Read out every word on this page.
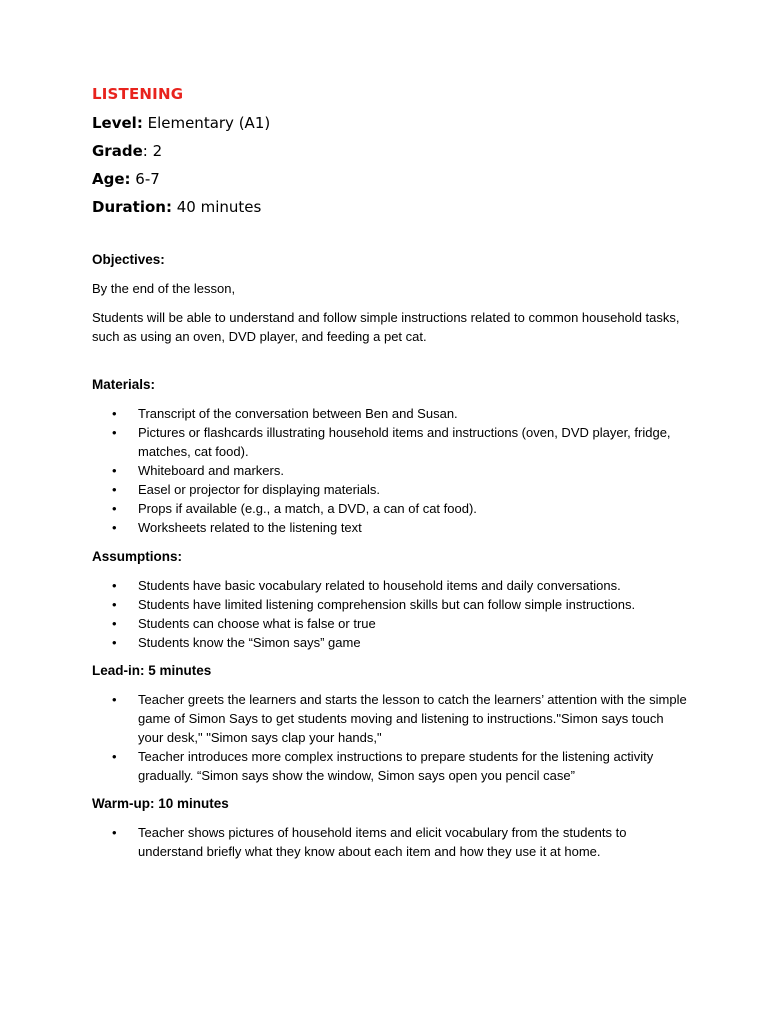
LISTENING
Level: Elementary (A1)
Grade: 2
Age: 6-7
Duration: 40 minutes
Objectives:
By the end of the lesson,
Students will be able to understand and follow simple instructions related to common household tasks, such as using an oven, DVD player, and feeding a pet cat.
Materials:
• Transcript of the conversation between Ben and Susan.
• Pictures or flashcards illustrating household items and instructions (oven, DVD player, fridge, matches, cat food).
• Whiteboard and markers.
• Easel or projector for displaying materials.
• Props if available (e.g., a match, a DVD, a can of cat food).
• Worksheets related to the listening text
Assumptions:
• Students have basic vocabulary related to household items and daily conversations.
• Students have limited listening comprehension skills but can follow simple instructions.
• Students can choose what is false or true
• Students know the “Simon says” game
Lead-in: 5 minutes
• Teacher greets the learners and starts the lesson to catch the learners’ attention with the simple game of Simon Says to get students moving and listening to instructions."Simon says touch your desk," "Simon says clap your hands,"
• Teacher introduces more complex instructions to prepare students for the listening activity gradually. “Simon says show the window, Simon says open you pencil case”
Warm-up: 10 minutes
• Teacher shows pictures of household items and elicit vocabulary from the students to understand briefly what they know about each item and how they use it at home.
